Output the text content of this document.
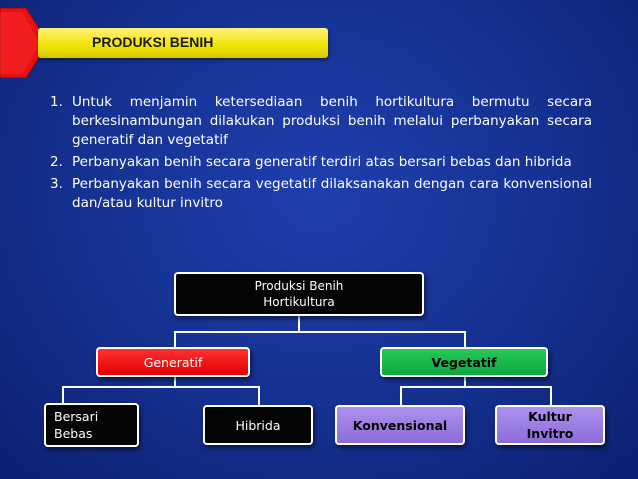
PRODUKSI BENIH
1. Untuk menjamin ketersediaan benih hortikultura bermutu secara berkesinambungan dilakukan produksi benih melalui perbanyakan secara generatif dan vegetatif
2. Perbanyakan benih secara generatif terdiri atas bersari bebas dan hibrida
3. Perbanyakan benih secara vegetatif dilaksanakan dengan cara konvensional dan/atau kultur invitro
Produksi Benih
Hortikultura
Generatif	Vegetatif
Bersari
Bebas
Hibrida	Konvensional
Kultur
Invitro
